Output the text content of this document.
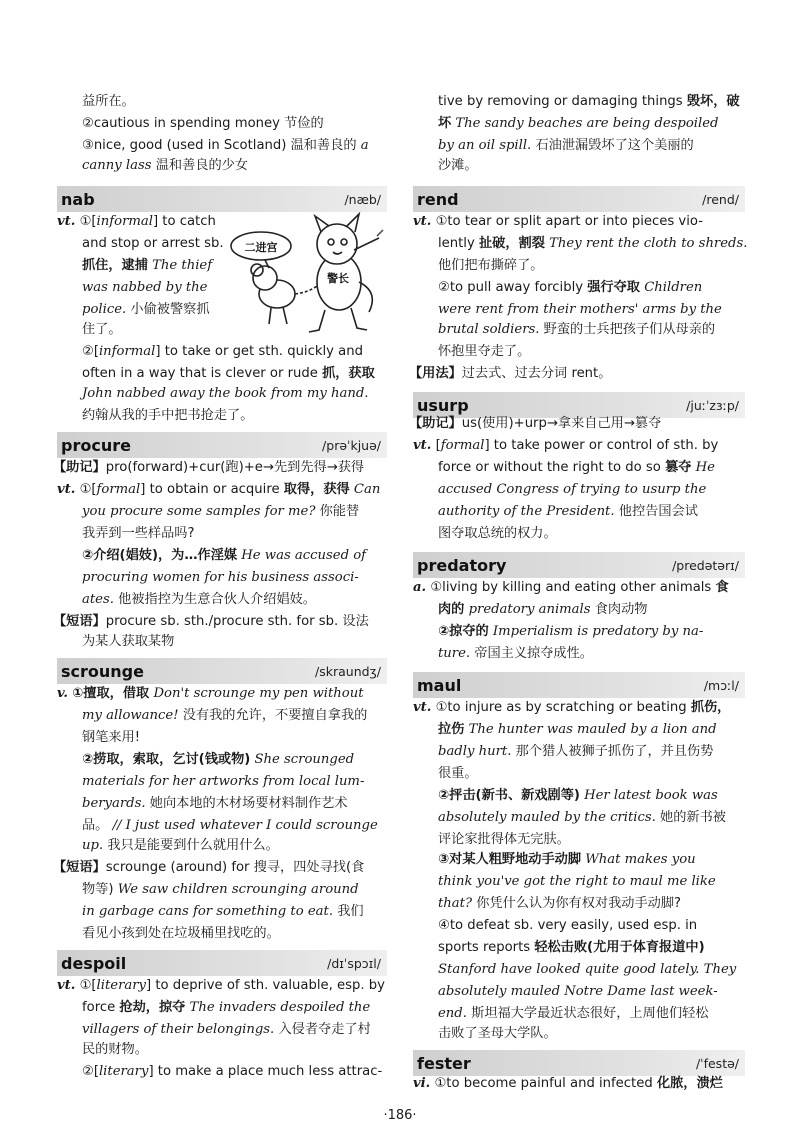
益所在。
②cautious in spending money 节俭的
③nice, good (used in Scotland) 温和善良的 a
canny lass 温和善良的少女
nab	/næb/
vt. ①[informal] to catch
and stop or arrest sb.
抓住，逮捕 The thief
was nabbed by the
police. 小偷被警察抓
住了。
二进宫
警长
②[informal] to take or get sth. quickly and
often in a way that is clever or rude 抓，获取
John nabbed away the book from my hand.
约翰从我的手中把书抢走了。
procure	/prəˈkjuə/
【助记】pro(forward)+cur(跑)+e→先到先得→获得
vt. ①[formal] to obtain or acquire 取得，获得 Can
you procure some samples for me? 你能替
我弄到一些样品吗?
②介绍(娼妓)，为…作淫媒 He was accused of
procuring women for his business associ-
ates. 他被指控为生意合伙人介绍娼妓。
【短语】procure sb. sth./procure sth. for sb. 设法
为某人获取某物
scrounge	/skraundʒ/
v. ①擅取，借取 Don't scrounge my pen without
my allowance! 没有我的允许，不要擅自拿我的
钢笔来用!
②捞取，索取，乞讨(钱或物) She scrounged
materials for her artworks from local lum-
beryards. 她向本地的木材场要材料制作艺术
品。 // I just used whatever I could scrounge
up. 我只是能要到什么就用什么。
【短语】scrounge (around) for 搜寻，四处寻找(食
物等) We saw children scrounging around
in garbage cans for something to eat. 我们
看见小孩到处在垃圾桶里找吃的。
despoil	/dɪˈspɔɪl/
vt. ①[literary] to deprive of sth. valuable, esp. by
force 抢劫，掠夺 The invaders despoiled the
villagers of their belongings. 入侵者夺走了村
民的财物。
②[literary] to make a place much less attrac-
tive by removing or damaging things 毁坏，破
坏 The sandy beaches are being despoiled
by an oil spill. 石油泄漏毁坏了这个美丽的
沙滩。
rend	/rend/
vt. ①to tear or split apart or into pieces vio-
lently 扯破，割裂 They rent the cloth to shreds.
他们把布撕碎了。
②to pull away forcibly 强行夺取 Children
were rent from their mothers' arms by the
brutal soldiers. 野蛮的士兵把孩子们从母亲的
怀抱里夺走了。
【用法】过去式、过去分词 rent。
usurp	/juːˈzɜːp/
【助记】us(使用)+urp→拿来自己用→篡夺
vt. [formal] to take power or control of sth. by
force or without the right to do so 篡夺 He
accused Congress of trying to usurp the
authority of the President. 他控告国会试
图夺取总统的权力。
predatory	/predətərɪ/
a. ①living by killing and eating other animals 食
肉的 predatory animals 食肉动物
②掠夺的 Imperialism is predatory by na-
ture. 帝国主义掠夺成性。
maul	/mɔːl/
vt. ①to injure as by scratching or beating 抓伤，
拉伤 The hunter was mauled by a lion and
badly hurt. 那个猎人被狮子抓伤了，并且伤势
很重。
②抨击(新书、新戏剧等) Her latest book was
absolutely mauled by the critics. 她的新书被
评论家批得体无完肤。
③对某人粗野地动手动脚 What makes you
think you've got the right to maul me like
that? 你凭什么认为你有权对我动手动脚?
④to defeat sb. very easily, used esp. in
sports reports 轻松击败(尤用于体育报道中)
Stanford have looked quite good lately. They
absolutely mauled Notre Dame last week-
end. 斯坦福大学最近状态很好，上周他们轻松
击败了圣母大学队。
fester	/ˈfestə/
vi. ①to become painful and infected 化脓，溃烂
·186·
